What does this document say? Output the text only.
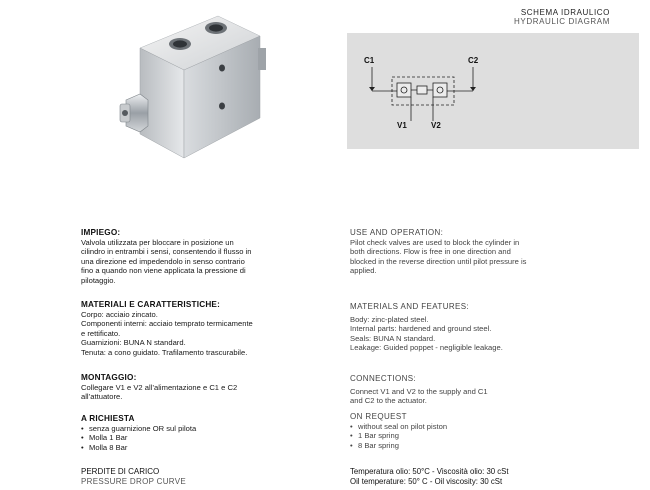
SCHEMA IDRAULICO
HYDRAULIC DIAGRAM
C1	C2
V1	V2

IMPIEGO:

Valvola utilizzata per bloccare in posizione un

cilindro in entrambi i sensi, consentendo il flusso in

una direzione ed impedendolo in senso contrario

fino a quando non viene applicata la pressione di

pilotaggio.

MATERIALI E CARATTERISTICHE:

Corpo: acciaio zincato.

Componenti interni: acciaio temprato termicamente

e rettificato.

Guarnizioni: BUNA N standard.

Tenuta: a cono guidato. Trafilamento trascurabile.

MONTAGGIO:

Collegare V1 e V2 all’alimentazione e C1 e C2

all’attuatore.

A RICHIESTA

• senza guarnizione OR sul pilota
• Molla 1 Bar
• Molla 8 Bar
PERDITE DI CARICO
PRESSURE DROP CURVE

USE AND OPERATION:

Pilot check valves are used to block the cylinder in

both directions. Flow is free in one direction and

blocked in the reverse direction until pilot pressure is

applied.

MATERIALS AND FEATURES:

Body: zinc-plated steel.

Internal parts: hardened and ground steel.

Seals: BUNA N standard.

Leakage: Guided poppet - negligible leakage.

CONNECTIONS:

Connect V1 and V2 to the supply and C1

and C2 to the actuator.

ON REQUEST

• without seal on pilot piston
• 1 Bar spring
• 8 Bar spring
Temperatura olio: 50°C - Viscosità olio: 30 cSt
Oil temperature: 50° C - Oil viscosity: 30 cSt
